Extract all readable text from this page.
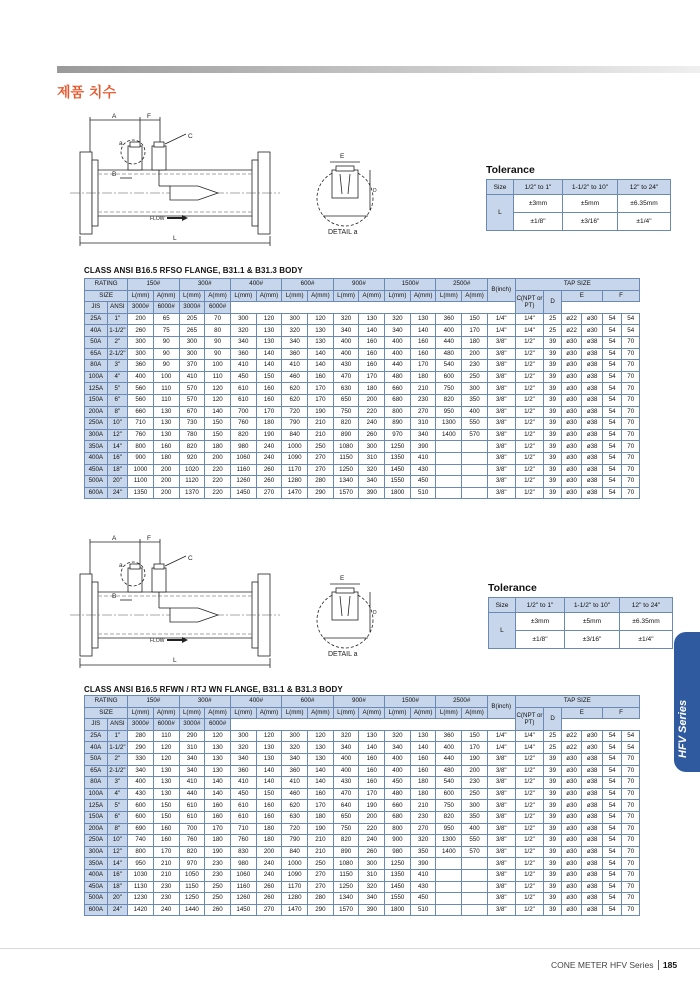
제품 치수
A	F
C
a
B
FLOW
L
E
D
DETAIL a
A	F
C
a
B
FLOW
L
E
D
DETAIL a
Tolerance
Size	1/2" to 1"	1-1/2" to 10"	12" to 24"
L	±3mm	±5mm	±6.35mm
	±1/8"	±3/16"	±1/4"
Tolerance
Size	1/2" to 1"	1-1/2" to 10"	12" to 24"
L	±3mm	±5mm	±6.35mm
	±1/8"	±3/16"	±1/4"
CLASS ANSI B16.5 RFSO FLANGE, B31.1 & B31.3 BODY
CLASS ANSI B16.5 RFWN / RTJ WN FLANGE, B31.1 & B31.3 BODY
RATING		150#		300#		400#		600#		900#		1500#		2500#		B(inch)	TAP SIZE					
SIZE		L(mm)	A(mm)	L(mm)	A(mm)	L(mm)	A(mm)	L(mm)	A(mm)	L(mm)	A(mm)	L(mm)	A(mm)	L(mm)	A(mm)							
																	C(NPT or PT)	D	E		F	
JIS	ANSI	3000#	6000#	3000#	6000#																	
25A	1"	200	65	205	70	300	120	300	120	320	130	320	130	360	150	1/4"	1/4"	25	ø22	ø30	54	54
40A	1-1/2"	260	75	265	80	320	130	320	130	340	140	340	140	400	170	1/4"	1/4"	25	ø22	ø30	54	54
50A	2"	300	90	300	90	340	130	340	130	400	160	400	160	440	180	3/8"	1/2"	39	ø30	ø38	54	70
65A	2-1/2"	300	90	300	90	360	140	360	140	400	160	400	160	480	200	3/8"	1/2"	39	ø30	ø38	54	70
80A	3"	360	90	370	100	410	140	410	140	430	160	440	170	540	230	3/8"	1/2"	39	ø30	ø38	54	70
100A	4"	400	100	410	110	450	150	460	160	470	170	480	180	600	250	3/8"	1/2"	39	ø30	ø38	54	70
125A	5"	560	110	570	120	610	160	620	170	630	180	660	210	750	300	3/8"	1/2"	39	ø30	ø38	54	70
150A	6"	560	110	570	120	610	160	620	170	650	200	680	230	820	350	3/8"	1/2"	39	ø30	ø38	54	70
200A	8"	660	130	670	140	700	170	720	190	750	220	800	270	950	400	3/8"	1/2"	39	ø30	ø38	54	70
250A	10"	710	130	730	150	760	180	790	210	820	240	890	310	1300	550	3/8"	1/2"	39	ø30	ø38	54	70
300A	12"	760	130	780	150	820	190	840	210	890	260	970	340	1400	570	3/8"	1/2"	39	ø30	ø38	54	70
350A	14"	800	160	820	180	980	240	1000	250	1080	300	1250	390			3/8"	1/2"	39	ø30	ø38	54	70
400A	16"	900	180	920	200	1060	240	1090	270	1150	310	1350	410			3/8"	1/2"	39	ø30	ø38	54	70
450A	18"	1000	200	1020	220	1160	260	1170	270	1250	320	1450	430			3/8"	1/2"	39	ø30	ø38	54	70
500A	20"	1100	200	1120	220	1260	260	1280	280	1340	340	1550	450			3/8"	1/2"	39	ø30	ø38	54	70
600A	24"	1350	200	1370	220	1450	270	1470	290	1570	390	1800	510			3/8"	1/2"	39	ø30	ø38	54	70
RATING		150#		300#		400#		600#		900#		1500#		2500#		B(inch)	TAP SIZE					
SIZE		L(mm)	A(mm)	L(mm)	A(mm)	L(mm)	A(mm)	L(mm)	A(mm)	L(mm)	A(mm)	L(mm)	A(mm)	L(mm)	A(mm)							
																	C(NPT or PT)	D	E		F	
JIS	ANSI	3000#	6000#	3000#	6000#																	
25A	1"	280	110	290	120	300	120	300	120	320	130	320	130	360	150	1/4"	1/4"	25	ø22	ø30	54	54
40A	1-1/2"	290	120	310	130	320	130	320	130	340	140	340	140	400	170	1/4"	1/4"	25	ø22	ø30	54	54
50A	2"	330	120	340	130	340	130	340	130	400	160	400	160	440	190	3/8"	1/2"	39	ø30	ø38	54	70
65A	2-1/2"	340	130	340	130	360	140	360	140	400	160	400	160	480	200	3/8"	1/2"	39	ø30	ø38	54	70
80A	3"	400	130	410	140	410	140	410	140	430	160	450	180	540	230	3/8"	1/2"	39	ø30	ø38	54	70
100A	4"	430	130	440	140	450	150	460	160	470	170	480	180	600	250	3/8"	1/2"	39	ø30	ø38	54	70
125A	5"	600	150	610	160	610	160	620	170	640	190	660	210	750	300	3/8"	1/2"	39	ø30	ø38	54	70
150A	6"	600	150	610	160	610	160	630	180	650	200	680	230	820	350	3/8"	1/2"	39	ø30	ø38	54	70
200A	8"	690	160	700	170	710	180	720	190	750	220	800	270	950	400	3/8"	1/2"	39	ø30	ø38	54	70
250A	10"	740	160	760	180	760	180	790	210	820	240	900	320	1300	550	3/8"	1/2"	39	ø30	ø38	54	70
300A	12"	800	170	820	190	830	200	840	210	890	260	980	350	1400	570	3/8"	1/2"	39	ø30	ø38	54	70
350A	14"	950	210	970	230	980	240	1000	250	1080	300	1250	390			3/8"	1/2"	39	ø30	ø38	54	70
400A	16"	1030	210	1050	230	1060	240	1090	270	1150	310	1350	410			3/8"	1/2"	39	ø30	ø38	54	70
450A	18"	1130	230	1150	250	1160	260	1170	270	1250	320	1450	430			3/8"	1/2"	39	ø30	ø38	54	70
500A	20"	1230	230	1250	250	1260	260	1280	280	1340	340	1550	450			3/8"	1/2"	39	ø30	ø38	54	70
600A	24"	1420	240	1440	260	1450	270	1470	290	1570	390	1800	510			3/8"	1/2"	39	ø30	ø38	54	70
HFV Series
CONE METER HFV Series 185
